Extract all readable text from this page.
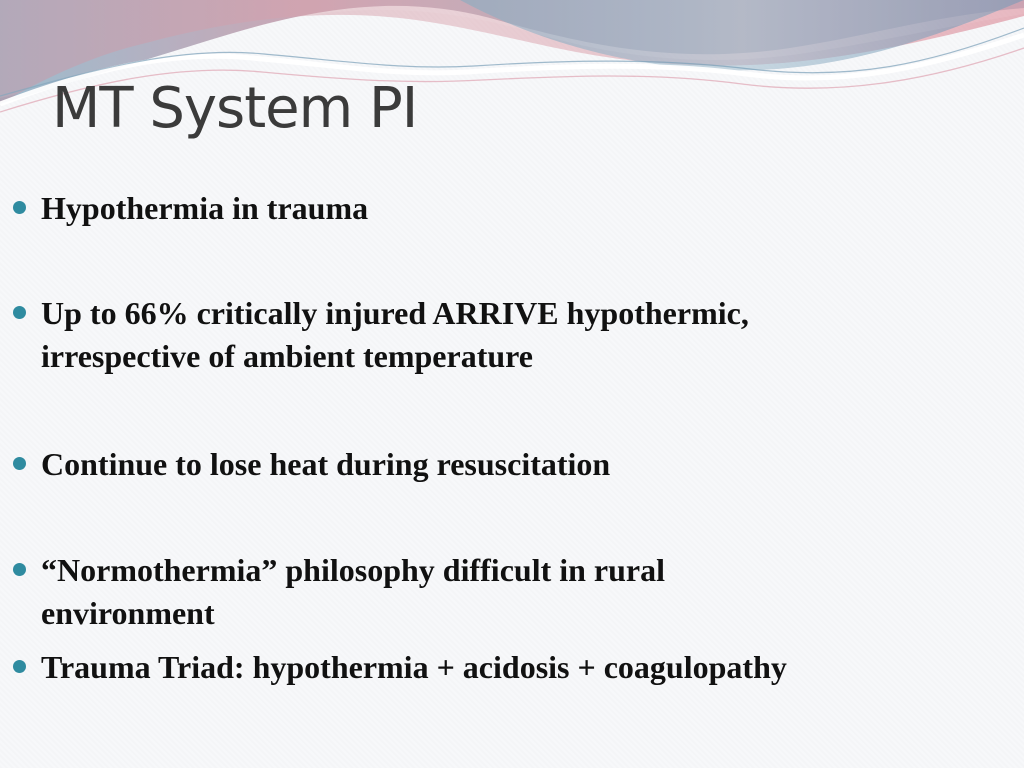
MT System PI
Hypothermia in trauma
Up to 66% critically injured ARRIVE hypothermic,
irrespective of ambient temperature
Continue to lose heat during resuscitation
“Normothermia” philosophy difficult in rural
environment
Trauma Triad: hypothermia + acidosis + coagulopathy
